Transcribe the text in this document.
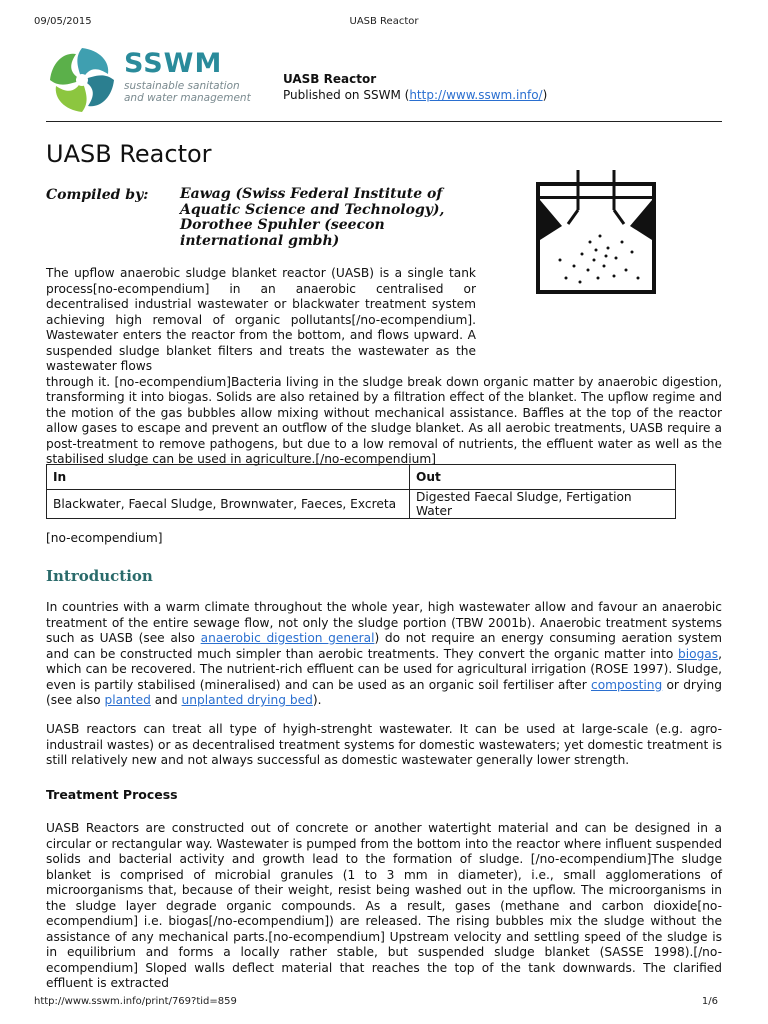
09/05/2015	UASB Reactor
SSWM
sustainable sanitation
and water management
UASB Reactor
Published on SSWM (http://www.sswm.info/)
UASB Reactor
Compiled by: Eawag (Swiss Federal Institute of
Aquatic Science and Technology),
Dorothee Spuhler (seecon
international gmbh)
The upflow anaerobic sludge blanket reactor (UASB) is a single tank process[no-ecompendium] in an anaerobic centralised or decentralised industrial wastewater or blackwater treatment system achieving high removal of organic pollutants[/no-ecompendium]. Wastewater enters the reactor from the bottom, and flows upward. A suspended sludge blanket filters and treats the wastewater as the wastewater flows
through it. [no-ecompendium]Bacteria living in the sludge break down organic matter by anaerobic digestion, transforming it into biogas. Solids are also retained by a filtration effect of the blanket. The upflow regime and the motion of the gas bubbles allow mixing without mechanical assistance. Baffles at the top of the reactor allow gases to escape and prevent an outflow of the sludge blanket. As all aerobic treatments, UASB require a post-treatment to remove pathogens, but due to a low removal of nutrients, the effluent water as well as the stabilised sludge can be used in agriculture.[/no-ecompendium]
In	Out
Blackwater, Faecal Sludge, Brownwater, Faeces, Excreta	Digested Faecal Sludge, Fertigation Water
[no-ecompendium]
Introduction
In countries with a warm climate throughout the whole year, high wastewater allow and favour an anaerobic treatment of the entire sewage flow, not only the sludge portion (TBW 2001b). Anaerobic treatment systems such as UASB (see also anaerobic digestion general) do not require an energy consuming aeration system and can be constructed much simpler than aerobic treatments. They convert the organic matter into biogas, which can be recovered. The nutrient-rich effluent can be used for agricultural irrigation (ROSE 1997). Sludge, even is partily stabilised (mineralised) and can be used as an organic soil fertiliser after composting or drying (see also planted and unplanted drying bed).
UASB reactors can treat all type of hyigh-strenght wastewater. It can be used at large-scale (e.g. agro-industrail wastes) or as decentralised treatment systems for domestic wastewaters; yet domestic treatment is still relatively new and not always successful as domestic wastewater generally lower strength.
Treatment Process
UASB Reactors are constructed out of concrete or another watertight material and can be designed in a circular or rectangular way. Wastewater is pumped from the bottom into the reactor where influent suspended solids and bacterial activity and growth lead to the formation of sludge. [/no-ecompendium]The sludge blanket is comprised of microbial granules (1 to 3 mm in diameter), i.e., small agglomerations of microorganisms that, because of their weight, resist being washed out in the upflow. The microorganisms in the sludge layer degrade organic compounds. As a result, gases (methane and carbon dioxide[no-ecompendium] i.e. biogas[/no-ecompendium]) are released. The rising bubbles mix the sludge without the assistance of any mechanical parts.[no-ecompendium] Upstream velocity and settling speed of the sludge is in equilibrium and forms a locally rather stable, but suspended sludge blanket (SASSE 1998).[/no-ecompendium] Sloped walls deflect material that reaches the top of the tank downwards. The clarified effluent is extracted
http://www.sswm.info/print/769?tid=859	1/6
